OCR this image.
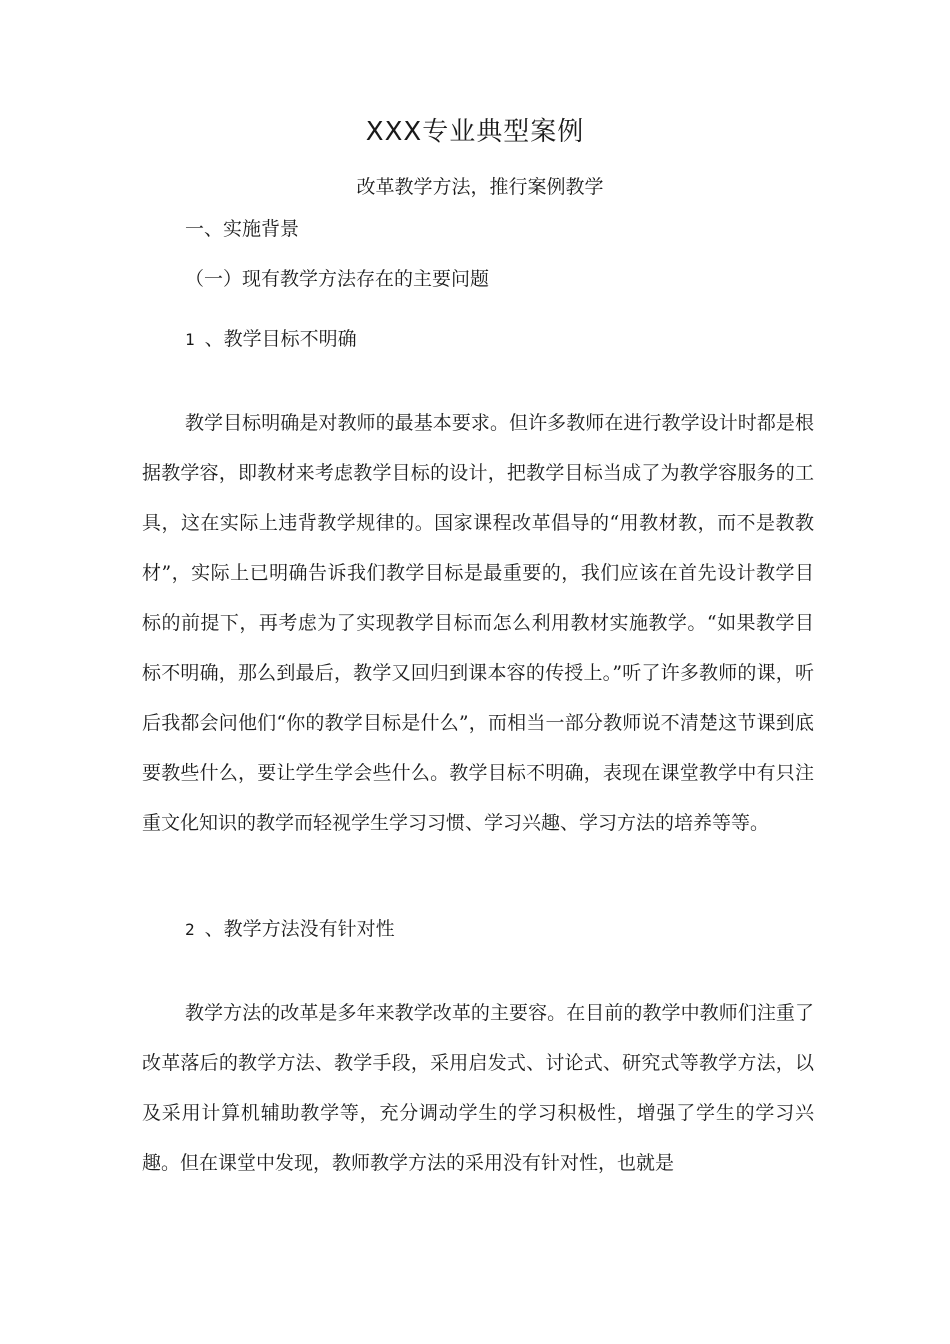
XXX专业典型案例
改革教学方法，推行案例教学
一、实施背景
（一）现有教学方法存在的主要问题
1 、教学目标不明确

教学目标明确是对教师的最基本要求。但许多教师在进行教学设计时都是根据教学容，即教材来考虑教学目标的设计，把教学目标当成了为教学容服务的工具，这在实际上违背教学规律的。国家课程改革倡导的“用教材教，而不是教教材”，实际上已明确告诉我们教学目标是最重要的，我们应该在首先设计教学目标的前提下，再考虑为了实现教学目标而怎么利用教材实施教学。“如果教学目标不明确，那么到最后，教学又回归到课本容的传授上。”听了许多教师的课，听后我都会问他们“你的教学目标是什么”，而相当一部分教师说不清楚这节课到底要教些什么，要让学生学会些什么。教学目标不明确，表现在课堂教学中有只注重文化知识的教学而轻视学生学习习惯、学习兴趣、学习方法的培养等等。

2 、教学方法没有针对性

教学方法的改革是多年来教学改革的主要容。在目前的教学中教师们注重了改革落后的教学方法、教学手段，采用启发式、讨论式、研究式等教学方法，以及采用计算机辅助教学等，充分调动学生的学习积极性，增强了学生的学习兴趣。但在课堂中发现，教师教学方法的采用没有针对性，也就是
